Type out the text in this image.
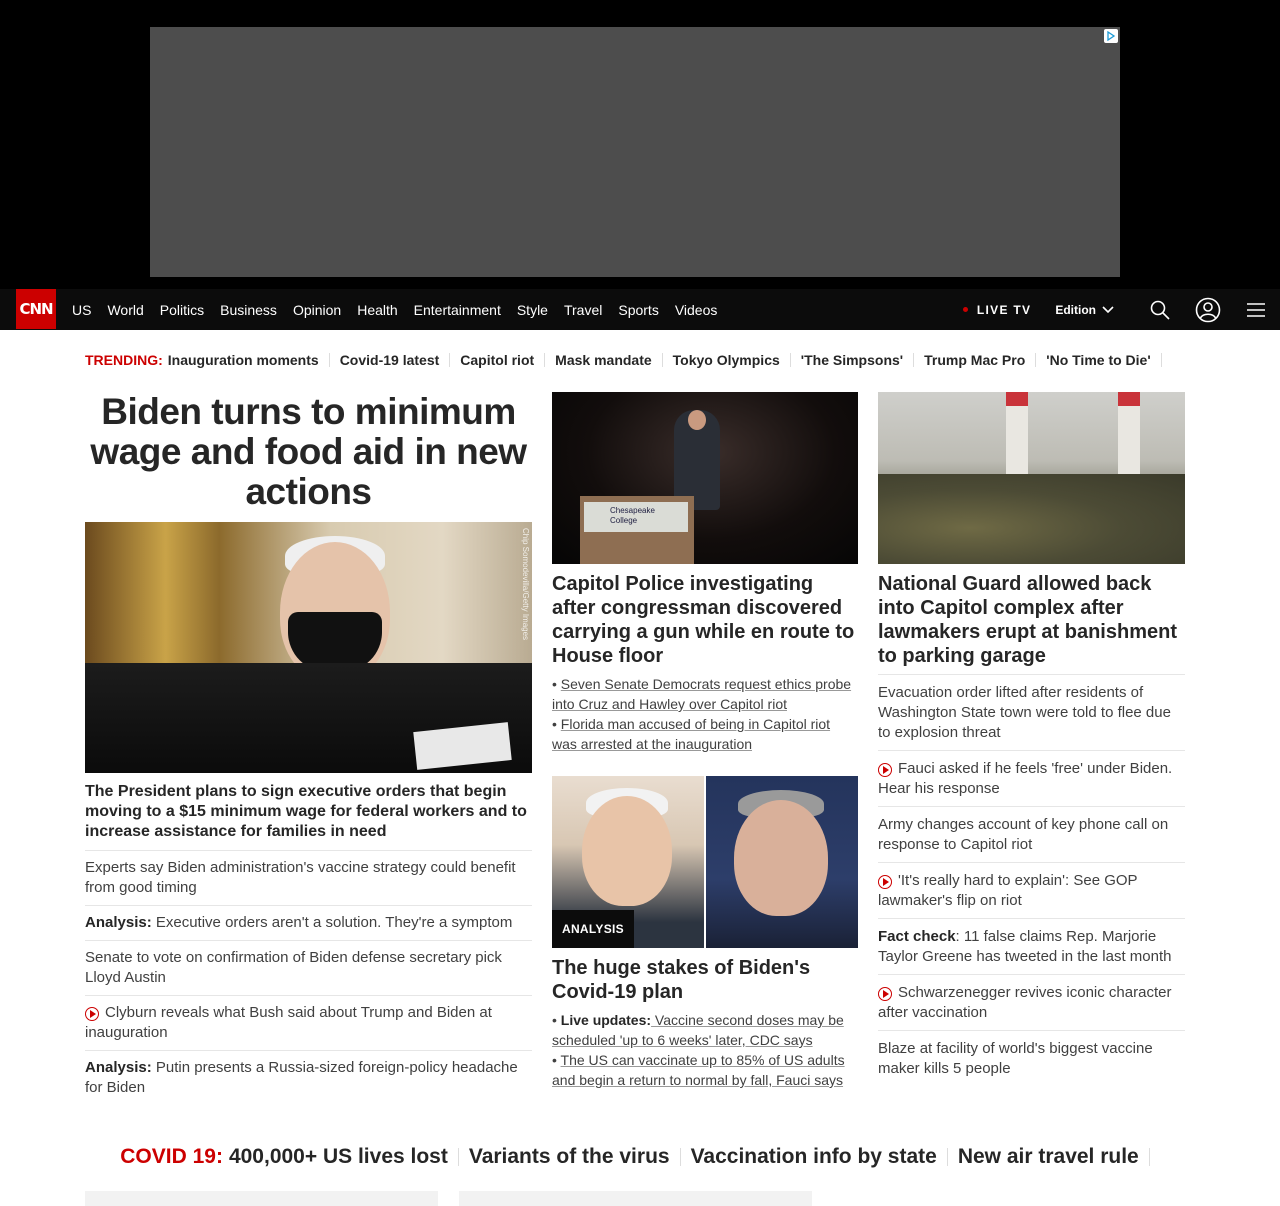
CNN US World Politics Business Opinion Health Entertainment Style Travel Sports Videos	LIVE TV Edition
TRENDING: Inauguration moments Covid-19 latest Capitol riot Mask mandate Tokyo Olympics 'The Simpsons' Trump Mac Pro 'No Time to Die'
Biden turns to minimum wage and food aid in new actions
Chip Somodevilla/Getty Images
The President plans to sign executive orders that begin moving to a $15 minimum wage for federal workers and to increase assistance for families in need
Experts say Biden administration's vaccine strategy could benefit from good timing
Analysis: Executive orders aren't a solution. They're a symptom
Senate to vote on confirmation of Biden defense secretary pick Lloyd Austin
Clyburn reveals what Bush said about Trump and Biden at inauguration
Analysis: Putin presents a Russia-sized foreign-policy headache for Biden
Chesapeake College
Capitol Police investigating after congressman discovered carrying a gun while en route to House floor
• Seven Senate Democrats request ethics probe into Cruz and Hawley over Capitol riot
• Florida man accused of being in Capitol riot was arrested at the inauguration
ANALYSIS
The huge stakes of Biden's Covid-19 plan
• Live updates: Vaccine second doses may be scheduled 'up to 6 weeks' later, CDC says
• The US can vaccinate up to 85% of US adults and begin a return to normal by fall, Fauci says
National Guard allowed back into Capitol complex after lawmakers erupt at banishment to parking garage
Evacuation order lifted after residents of Washington State town were told to flee due to explosion threat
Fauci asked if he feels 'free' under Biden. Hear his response
Army changes account of key phone call on response to Capitol riot
'It's really hard to explain': See GOP lawmaker's flip on riot
Fact check: 11 false claims Rep. Marjorie Taylor Greene has tweeted in the last month
Schwarzenegger revives iconic character after vaccination
Blaze at facility of world's biggest vaccine maker kills 5 people
COVID 19: 400,000+ US lives lost Variants of the virus Vaccination info by state New air travel rule
